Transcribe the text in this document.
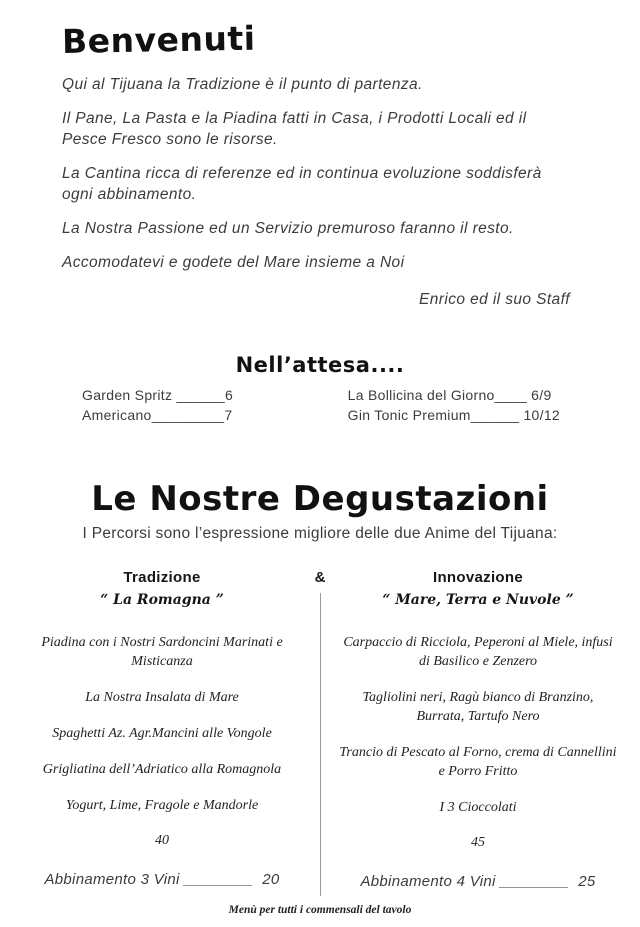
Benvenuti

Qui al Tijuana la Tradizione è il punto di partenza.

Il Pane, La Pasta e la Piadina fatti in Casa, i Prodotti Locali ed il Pesce Fresco sono le risorse.

La Cantina ricca di referenze ed in continua evoluzione soddisferà ogni abbinamento.

La Nostra Passione ed un Servizio premuroso faranno il resto.

Accomodatevi e godete del Mare insieme a Noi

Enrico ed il suo Staff

Nell’attesa....
Garden Spritz ______6
Americano_________7
La Bollicina del Giorno____ 6/9
Gin Tonic Premium______ 10/12
Le Nostre Degustazioni

I Percorsi sono l’espressione migliore delle due Anime del Tijuana:

&
Tradizione
“ La Romagna ”
Piadina con i Nostri Sardoncini Marinati e Misticanza
La Nostra Insalata di Mare
Spaghetti Az. Agr.Mancini alle Vongole
Grigliatina dell’Adriatico alla Romagnola
Yogurt, Lime, Fragole e Mandorle
40
Abbinamento 3 Vini ________  20
Innovazione
“ Mare, Terra e Nuvole ”
Carpaccio di Ricciola, Peperoni al Miele, infusi di Basilico e Zenzero
Tagliolini neri, Ragù bianco di Branzino, Burrata, Tartufo Nero
Trancio di Pescato al Forno, crema di Cannellini e Porro Fritto
I 3 Cioccolati
45
Abbinamento 4 Vini ________  25

Menù per tutti i commensali del tavolo
